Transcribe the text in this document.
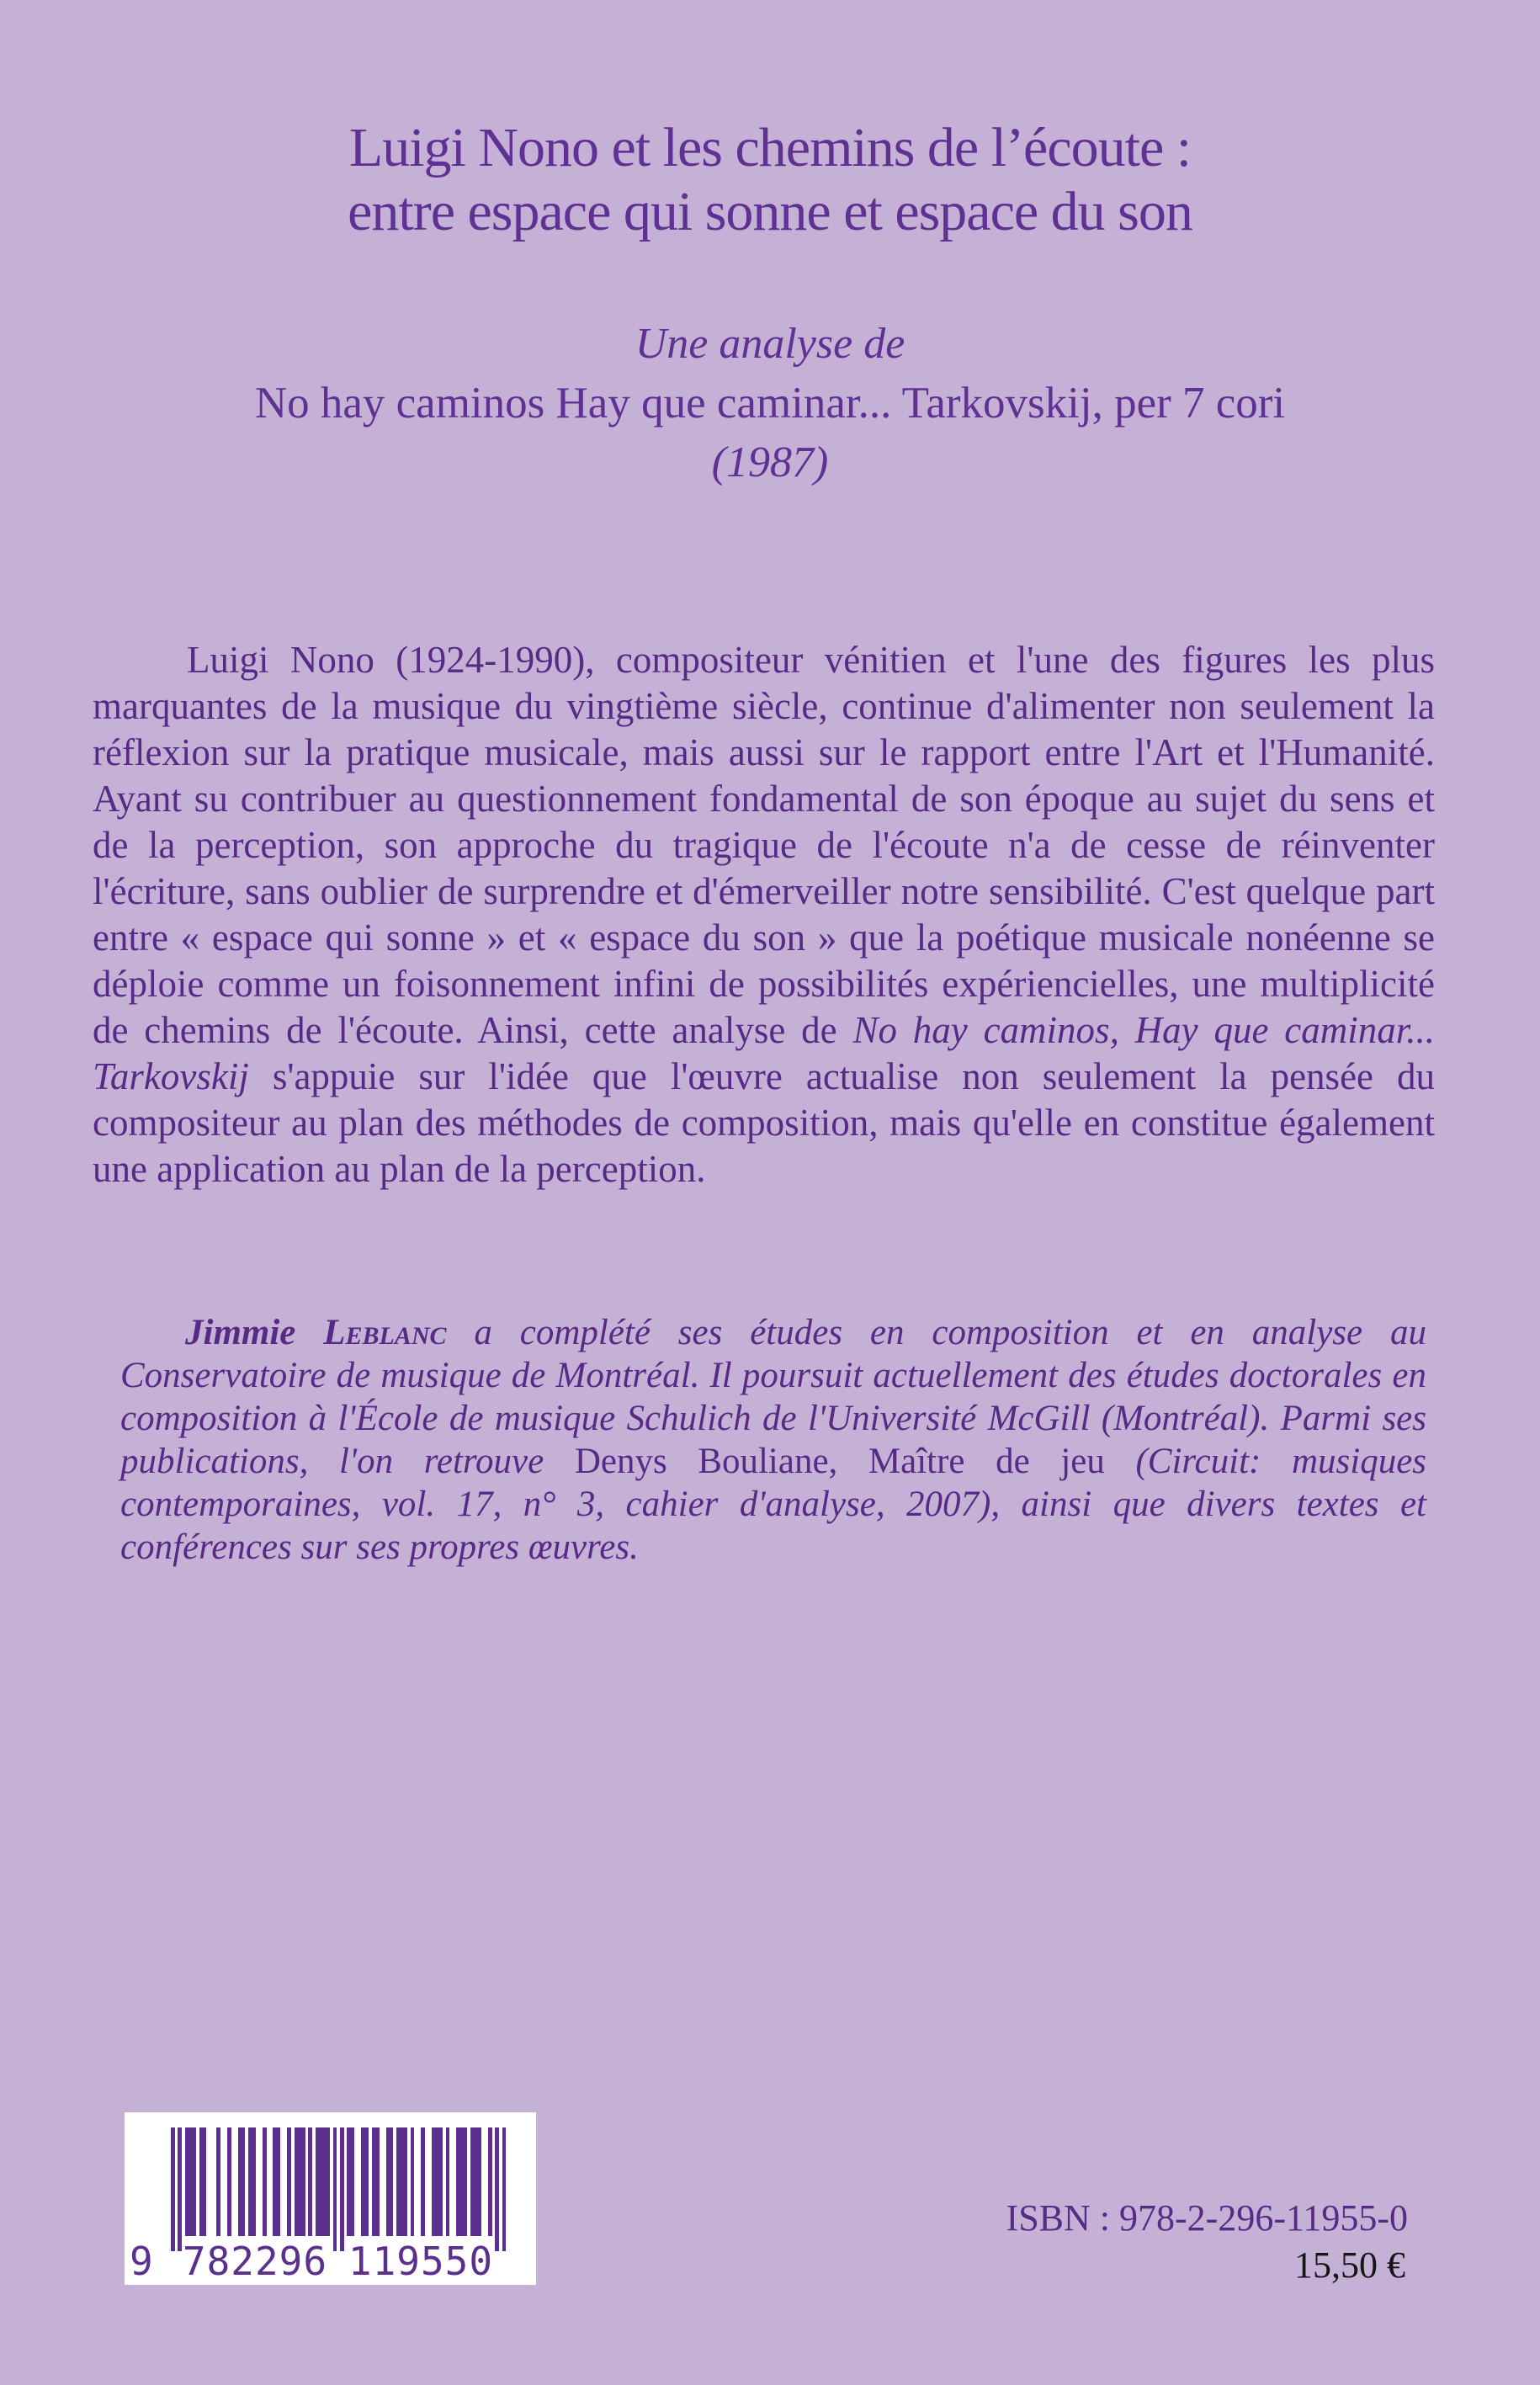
Luigi Nono et les chemins de l’écoute :
entre espace qui sonne et espace du son
Une analyse de
No hay caminos Hay que caminar... Tarkovskij, per 7 cori
(1987)
Luigi Nono (1924-1990), compositeur vénitien et l'une des figures les plus marquantes de la musique du vingtième siècle, continue d'alimenter non seulement la réflexion sur la pratique musicale, mais aussi sur le rapport entre l'Art et l'Humanité. Ayant su contribuer au questionnement fondamental de son époque au sujet du sens et de la perception, son approche du tragique de l'écoute n'a de cesse de réinventer l'écriture, sans oublier de surprendre et d'émerveiller notre sensibilité. C'est quelque part entre « espace qui sonne » et « espace du son » que la poétique musicale nonéenne se déploie comme un foisonnement infini de possibilités expériencielles, une multiplicité de chemins de l'écoute. Ainsi, cette analyse de No hay caminos, Hay que caminar... Tarkovskij s'appuie sur l'idée que l'œuvre actualise non seulement la pensée du compositeur au plan des méthodes de composition, mais qu'elle en constitue également une application au plan de la perception.
Jimmie Leblanc a complété ses études en composition et en analyse au Conservatoire de musique de Montréal. Il poursuit actuellement des études doctorales en composition à l'École de musique Schulich de l'Université McGill (Montréal). Parmi ses publications, l'on retrouve Denys Bouliane, Maître de jeu (Circuit: musiques contemporaines, vol. 17, n° 3, cahier d'analyse, 2007), ainsi que divers textes et conférences sur ses propres œuvres.
9 782296 119550
ISBN : 978-2-296-11955-0
15,50 €
